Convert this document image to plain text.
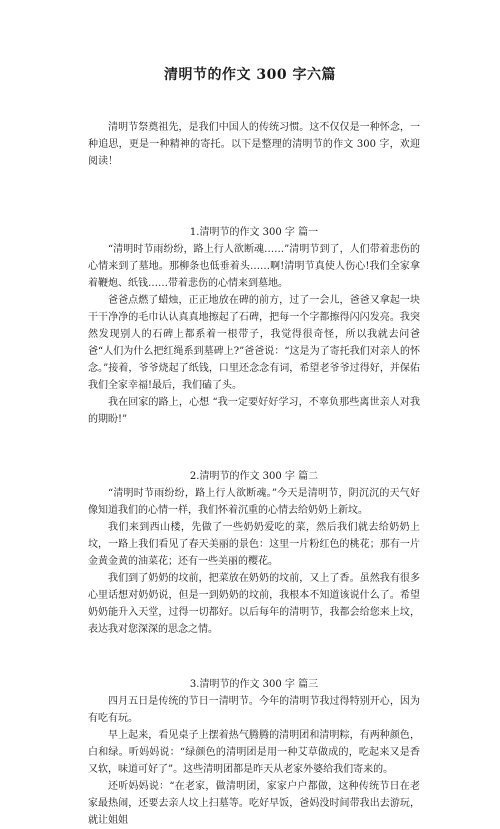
清明节的作文 300 字六篇

清明节祭奠祖先，是我们中国人的传统习惯。这不仅仅是一种怀念，一种追思，更是一种精神的寄托。以下是整理的清明节的作文 300 字，欢迎阅读！

1.清明节的作文 300 字 篇一

“清明时节雨纷纷，路上行人欲断魂……”清明节到了，人们带着悲伤的心情来到了墓地。那柳条也低垂着头……啊!清明节真使人伤心!我们全家拿着鞭炮、纸钱……带着悲伤的心情来到墓地。

爸爸点燃了蜡烛，正正地放在碑的前方，过了一会儿，爸爸又拿起一块干干净净的毛巾认认真真地擦起了石碑，把每一个字都擦得闪闪发亮。我突然发现别人的石碑上都系着一根带子，我觉得很奇怪，所以我就去问爸爸“人们为什么把红绳系到墓碑上?”爸爸说：“这是为了寄托我们对亲人的怀念。”接着，爷爷烧起了纸钱，口里还念念有词，希望老爷爷过得好，并保佑我们全家幸福!最后，我们磕了头。

我在回家的路上，心想 “我一定要好好学习，不辜负那些离世亲人对我的期盼!”

2.清明节的作文 300 字 篇二

“清明时节雨纷纷，路上行人欲断魂。”今天是清明节，阴沉沉的天气好像知道我们的心情一样，我们怀着沉重的心情去给奶奶上新坟。

我们来到西山楼，先做了一些奶奶爱吃的菜，然后我们就去给奶奶上坟，一路上我们看见了春天美丽的景色：这里一片粉红色的桃花；那有一片金黄金黄的油菜花；还有一些美丽的樱花。

我们到了奶奶的坟前，把菜放在奶奶的坟前，又上了香。虽然我有很多心里话想对奶奶说，但是一到奶奶的坟前，我根本不知道该说什么了。希望奶奶能升入天堂，过得一切都好。以后每年的清明节，我都会给您来上坟，表达我对您深深的思念之情。

3.清明节的作文 300 字 篇三

四月五日是传统的节日一清明节。今年的清明节我过得特别开心，因为有吃有玩。

早上起来，看见桌子上摆着热气腾腾的清明团和清明粽，有两种颜色，白和绿。听妈妈说：“绿颜色的清明团是用一种艾草做成的，吃起来又是香又软，味道可好了”。这些清明团都是昨天从老家外婆给我们寄来的。

还听妈妈说：“在老家，做清明团，家家户户都做，这种传统节日在老家最热闹，还要去亲人坟上扫墓等。吃好早饭，爸妈没时间带我出去游玩，就让姐姐
